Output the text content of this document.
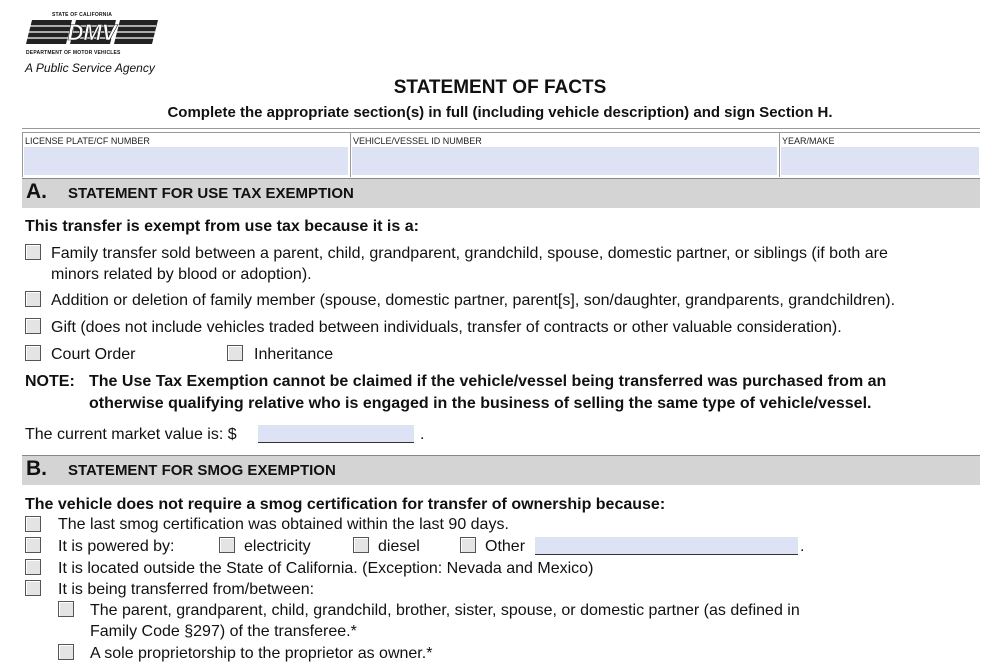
STATE OF CALIFORNIA
DMV
DEPARTMENT OF MOTOR VEHICLES
A Public Service Agency
STATEMENT OF FACTS
Complete the appropriate section(s) in full (including vehicle description) and sign Section H.
LICENSE PLATE/CF NUMBER	VEHICLE/VESSEL ID NUMBER	YEAR/MAKE
A. STATEMENT FOR USE TAX EXEMPTION
This transfer is exempt from use tax because it is a:
Family transfer sold between a parent, child, grandparent, grandchild, spouse, domestic partner, or siblings (if both are
minors related by blood or adoption).
Addition or deletion of family member (spouse, domestic partner, parent[s], son/daughter, grandparents, grandchildren).
Gift (does not include vehicles traded between individuals, transfer of contracts or other valuable consideration).
Court Order	Inheritance
NOTE: The Use Tax Exemption cannot be claimed if the vehicle/vessel being transferred was purchased from an
otherwise qualifying relative who is engaged in the business of selling the same type of vehicle/vessel.
The current market value is: $	.
B. STATEMENT FOR SMOG EXEMPTION
The vehicle does not require a smog certification for transfer of ownership because:
The last smog certification was obtained within the last 90 days.
It is powered by:	electricity	diesel	Other	.
It is located outside the State of California. (Exception: Nevada and Mexico)
It is being transferred from/between:
The parent, grandparent, child, grandchild, brother, sister, spouse, or domestic partner (as defined in
Family Code §297) of the transferee.*
A sole proprietorship to the proprietor as owner.*
